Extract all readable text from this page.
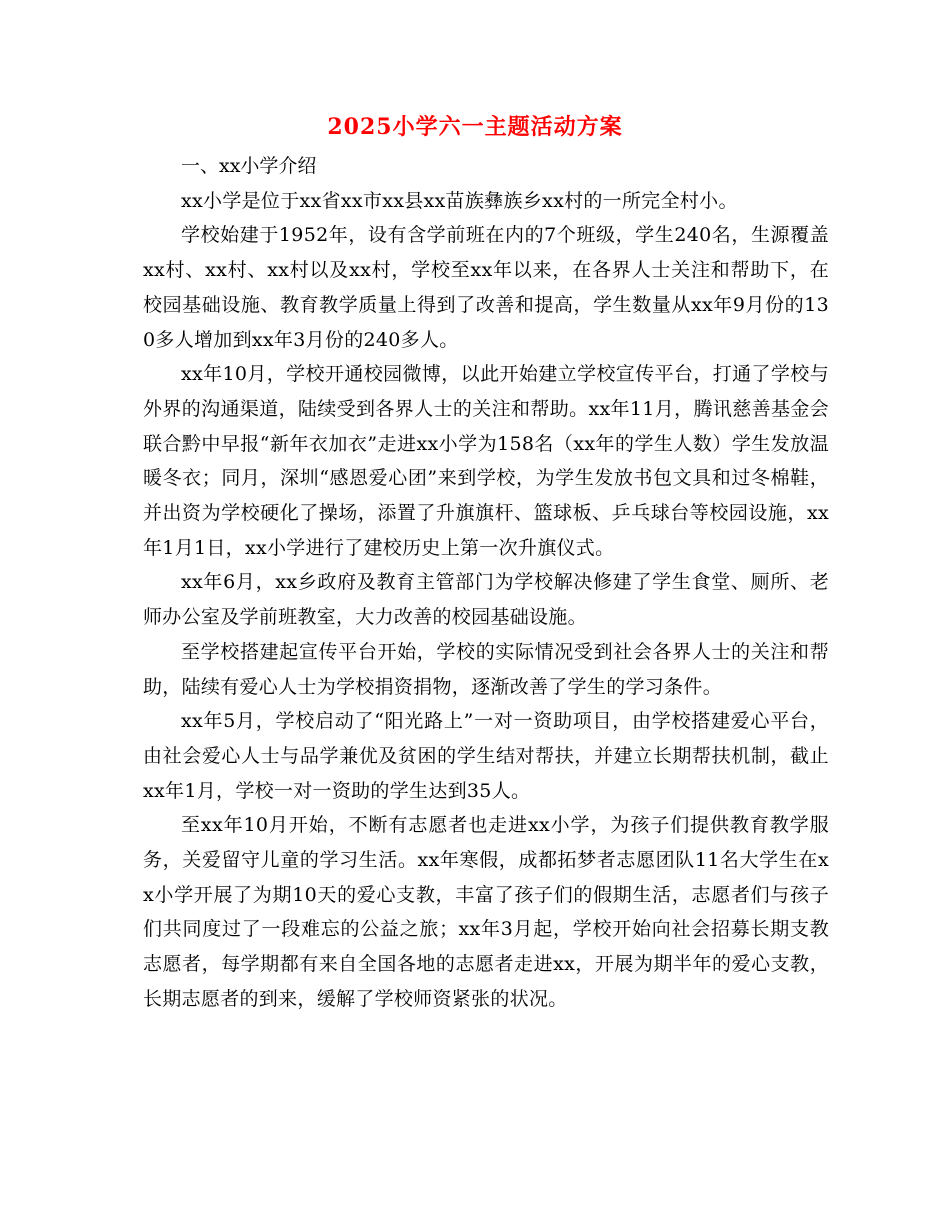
2025小学六一主题活动方案

一、xx小学介绍

xx小学是位于xx省xx市xx县xx苗族彝族乡xx村的一所完全村小。

学校始建于1952年，设有含学前班在内的7个班级，学生240名，生源覆盖xx村、xx村、xx村以及xx村，学校至xx年以来，在各界人士关注和帮助下，在校园基础设施、教育教学质量上得到了改善和提高，学生数量从xx年9月份的130多人增加到xx年3月份的240多人。

xx年10月，学校开通校园微博，以此开始建立学校宣传平台，打通了学校与外界的沟通渠道，陆续受到各界人士的关注和帮助。xx年11月，腾讯慈善基金会联合黔中早报“新年衣加衣”走进xx小学为158名（xx年的学生人数）学生发放温暖冬衣；同月，深圳“感恩爱心团”来到学校，为学生发放书包文具和过冬棉鞋，并出资为学校硬化了操场，添置了升旗旗杆、篮球板、乒乓球台等校园设施，xx年1月1日，xx小学进行了建校历史上第一次升旗仪式。

xx年6月，xx乡政府及教育主管部门为学校解决修建了学生食堂、厕所、老师办公室及学前班教室，大力改善的校园基础设施。

至学校搭建起宣传平台开始，学校的实际情况受到社会各界人士的关注和帮助，陆续有爱心人士为学校捐资捐物，逐渐改善了学生的学习条件。

xx年5月，学校启动了“阳光路上”一对一资助项目，由学校搭建爱心平台，由社会爱心人士与品学兼优及贫困的学生结对帮扶，并建立长期帮扶机制，截止xx年1月，学校一对一资助的学生达到35人。

至xx年10月开始，不断有志愿者也走进xx小学，为孩子们提供教育教学服务，关爱留守儿童的学习生活。xx年寒假，成都拓梦者志愿团队11名大学生在xx小学开展了为期10天的爱心支教，丰富了孩子们的假期生活，志愿者们与孩子们共同度过了一段难忘的公益之旅；xx年3月起，学校开始向社会招募长期支教志愿者，每学期都有来自全国各地的志愿者走进xx，开展为期半年的爱心支教，长期志愿者的到来，缓解了学校师资紧张的状况。
